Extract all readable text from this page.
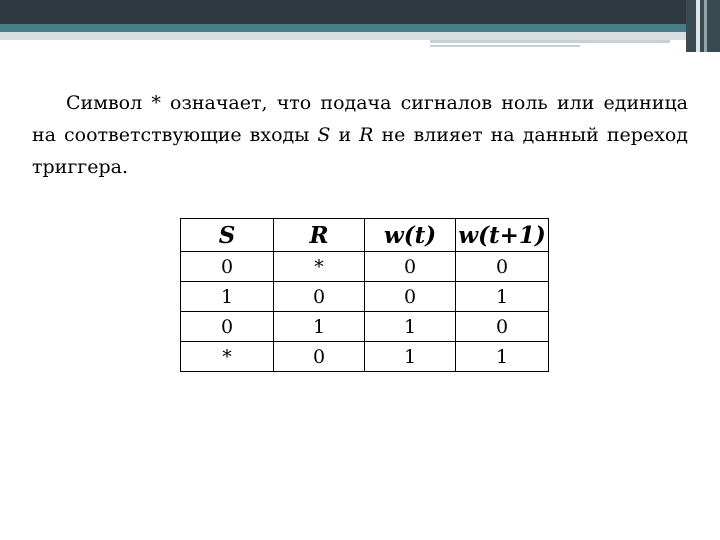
Символ * означает, что подача сигналов ноль или единица на соответствующие входы S и R не влияет на данный переход триггера.

S	R	w(t)	w(t+1)
0	*	0	0
1	0	0	1
0	1	1	0
*	0	1	1
